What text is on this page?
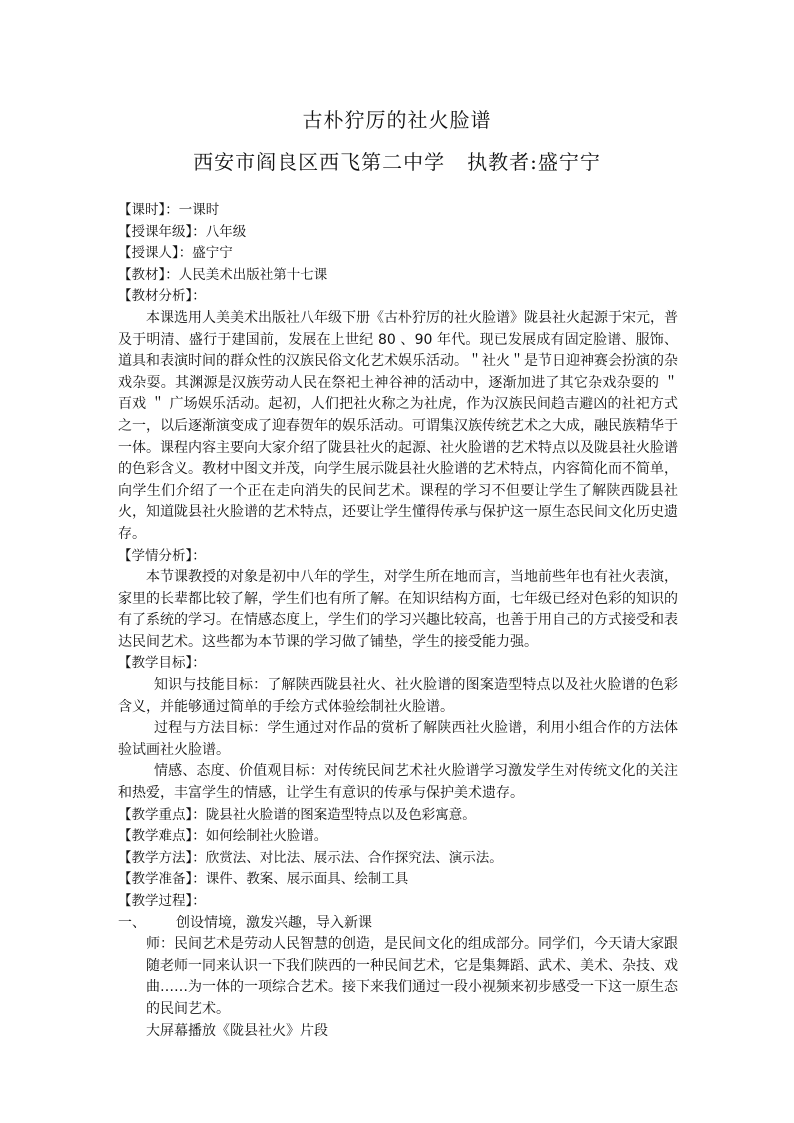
古朴狞厉的社火脸谱
西安市阎良区西飞第二中学 执教者:盛宁宁

【课时】：一课时

【授课年级】：八年级

【授课人】：盛宁宁

【教材】：人民美术出版社第十七课

【教材分析】：

本课选用人美美术出版社八年级下册《古朴狞厉的社火脸谱》陇县社火起源于宋元，普及于明清、盛行于建国前，发展在上世纪 80 、90 年代。现已发展成有固定脸谱、服饰、道具和表演时间的群众性的汉族民俗文化艺术娱乐活动。＂社火＂是节日迎神赛会扮演的杂戏杂耍。其渊源是汉族劳动人民在祭祀土神谷神的活动中，逐渐加进了其它杂戏杂耍的 ＂百戏 ＂ 广场娱乐活动。起初，人们把社火称之为社虎，作为汉族民间趋吉避凶的社祀方式之一，以后逐渐演变成了迎春贺年的娱乐活动。可谓集汉族传统艺术之大成，融民族精华于一体。课程内容主要向大家介绍了陇县社火的起源、社火脸谱的艺术特点以及陇县社火脸谱的色彩含义。教材中图文并茂，向学生展示陇县社火脸谱的艺术特点，内容简化而不简单，向学生们介绍了一个正在走向消失的民间艺术。课程的学习不但要让学生了解陕西陇县社火，知道陇县社火脸谱的艺术特点，还要让学生懂得传承与保护这一原生态民间文化历史遗存。

【学情分析】：

本节课教授的对象是初中八年的学生，对学生所在地而言，当地前些年也有社火表演，家里的长辈都比较了解，学生们也有所了解。在知识结构方面，七年级已经对色彩的知识的有了系统的学习。在情感态度上，学生们的学习兴趣比较高，也善于用自己的方式接受和表达民间艺术。这些都为本节课的学习做了铺垫，学生的接受能力强。

【教学目标】：

知识与技能目标：了解陕西陇县社火、社火脸谱的图案造型特点以及社火脸谱的色彩含义，并能够通过简单的手绘方式体验绘制社火脸谱。

过程与方法目标：学生通过对作品的赏析了解陕西社火脸谱，利用小组合作的方法体验试画社火脸谱。

情感、态度、价值观目标：对传统民间艺术社火脸谱学习激发学生对传统文化的关注和热爱，丰富学生的情感，让学生有意识的传承与保护美术遗存。

【教学重点】：陇县社火脸谱的图案造型特点以及色彩寓意。

【教学难点】：如何绘制社火脸谱。

【教学方法】：欣赏法、对比法、展示法、合作探究法、演示法。

【教学准备】：课件、教案、展示面具、绘制工具

【教学过程】：

一、 创设情境，激发兴趣，导入新课

师：民间艺术是劳动人民智慧的创造，是民间文化的组成部分。同学们，今天请大家跟随老师一同来认识一下我们陕西的一种民间艺术，它是集舞蹈、武术、美术、杂技、戏曲……为一体的一项综合艺术。接下来我们通过一段小视频来初步感受一下这一原生态的民间艺术。

大屏幕播放《陇县社火》片段
